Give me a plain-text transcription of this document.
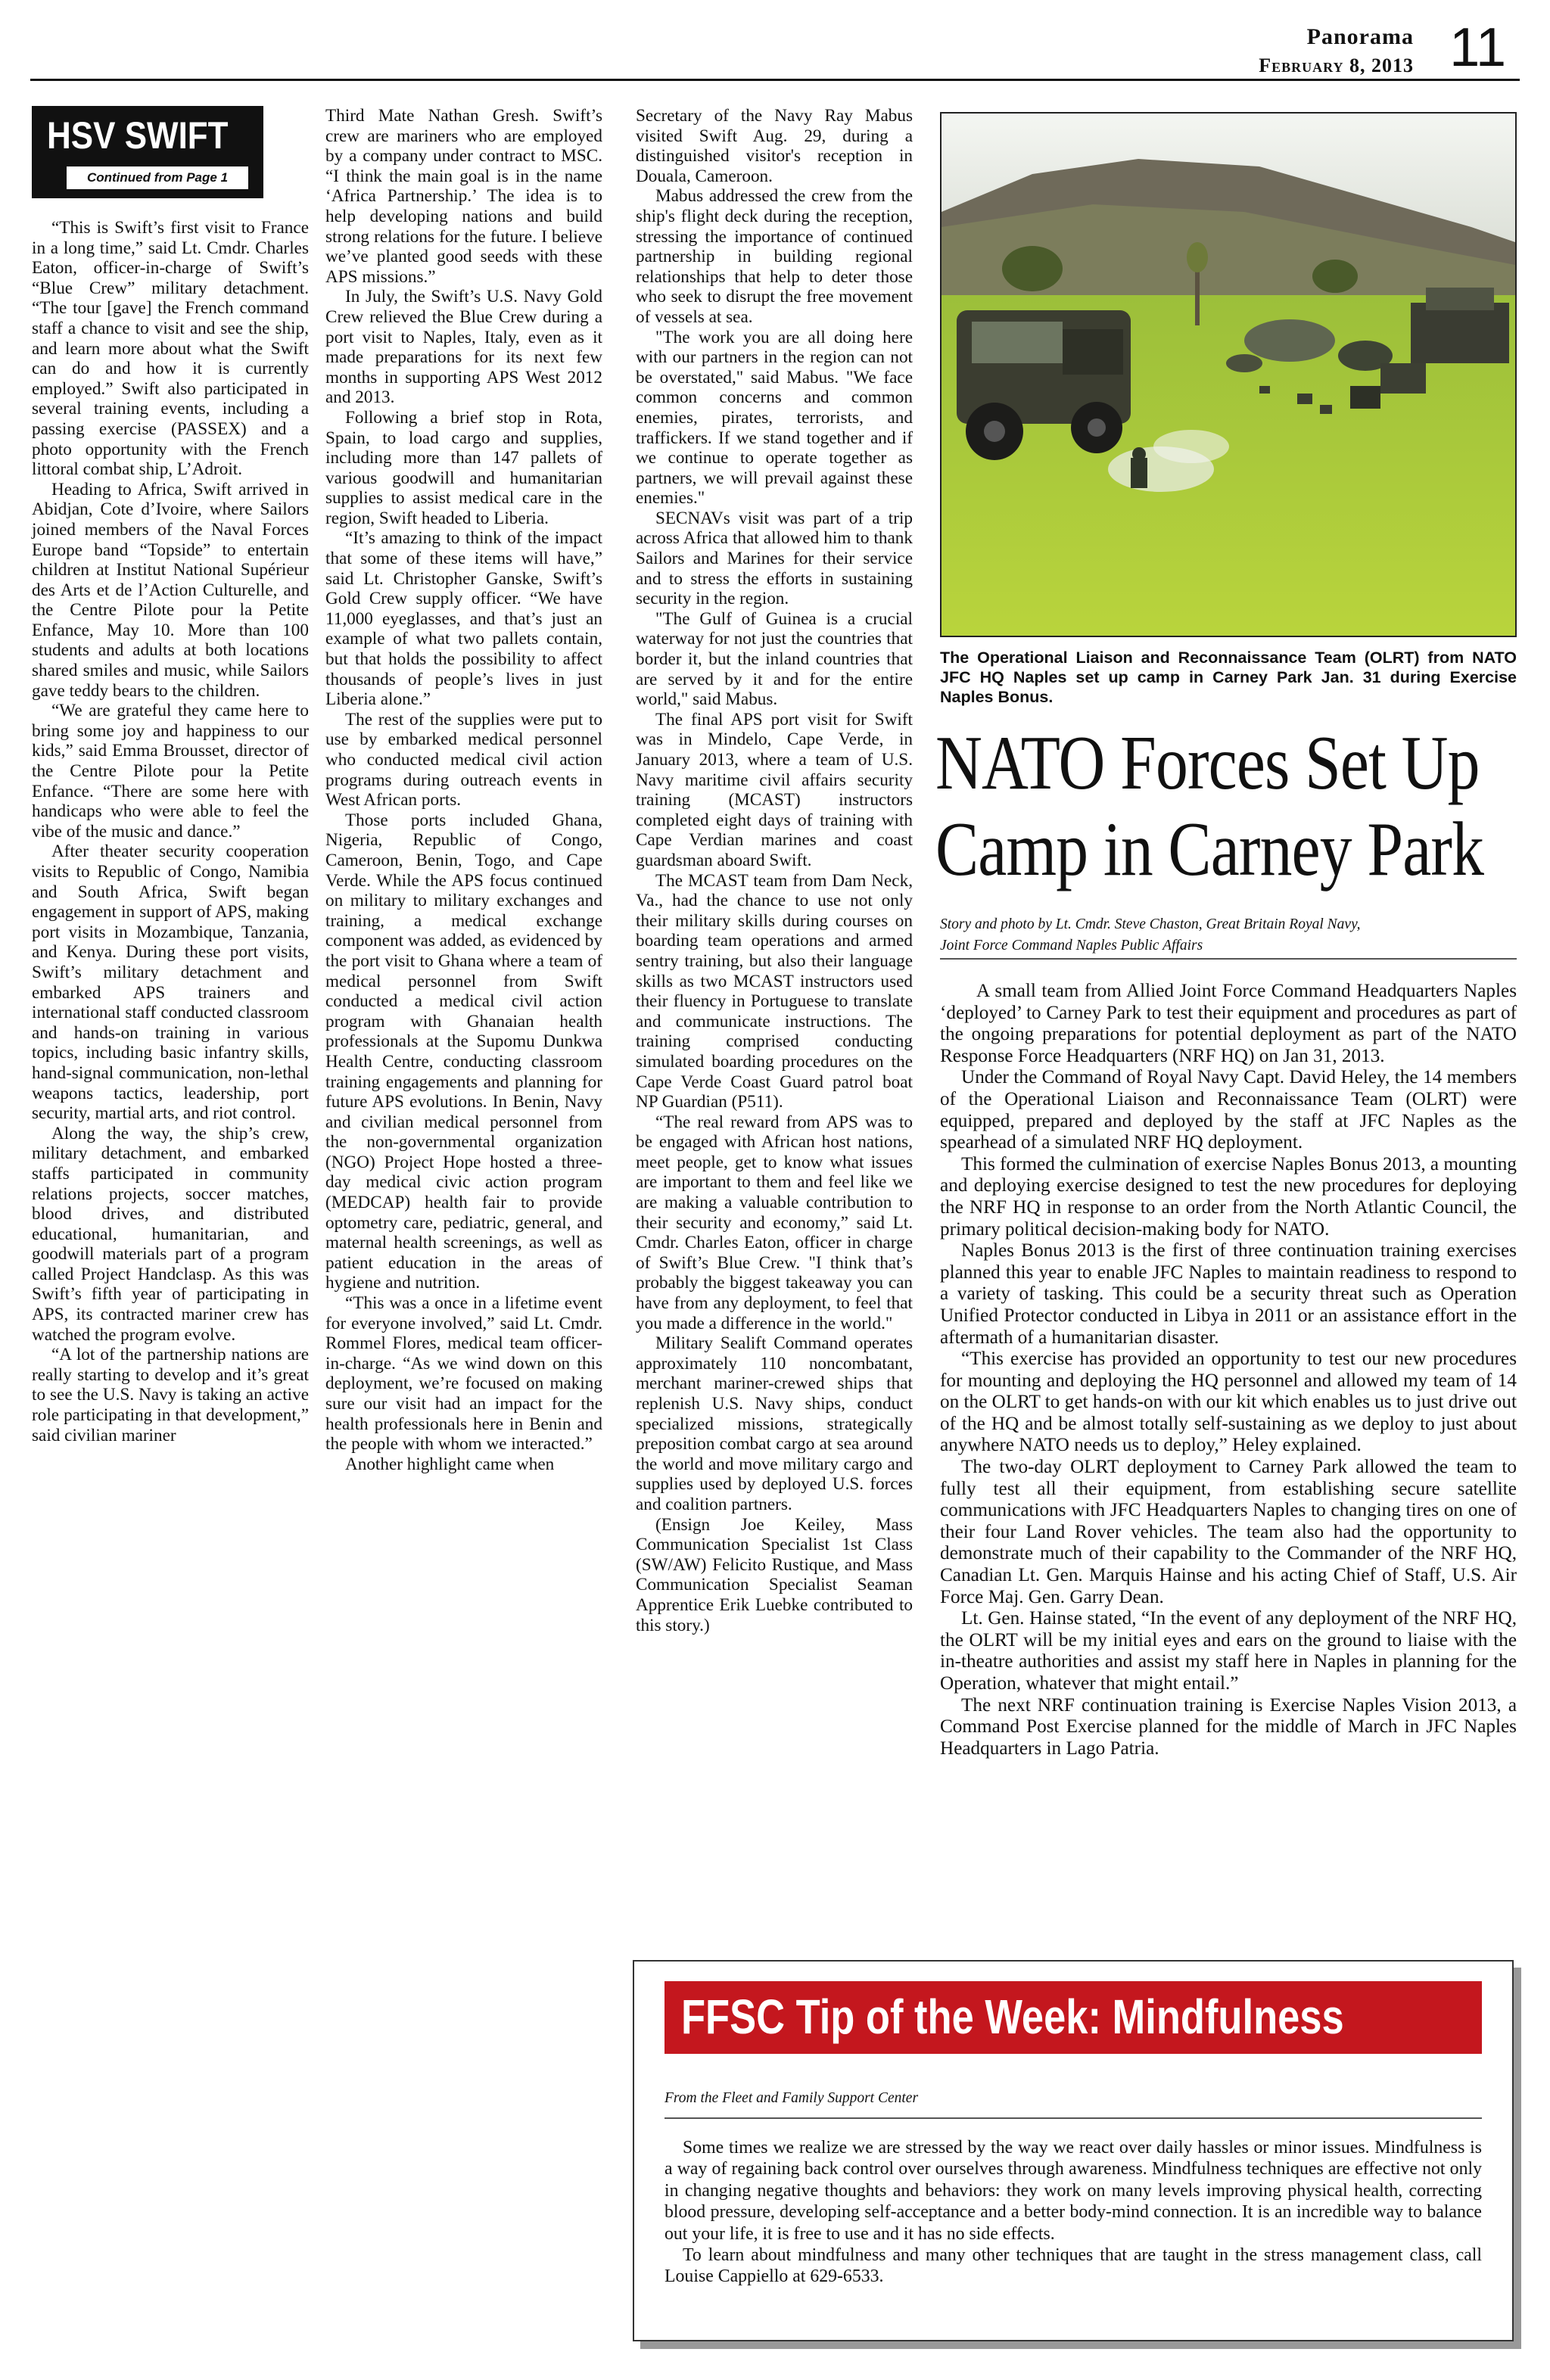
Panorama
February 8, 2013 11
HSV SWIFT
Continued from Page 1

“This is Swift’s first visit to France in a long time,” said Lt. Cmdr. Charles Eaton, officer-in-charge of Swift’s “Blue Crew” military detachment. “The tour [gave] the French command staff a chance to visit and see the ship, and learn more about what the Swift can do and how it is currently employed.” Swift also participated in several training events, including a passing exercise (PASSEX) and a photo opportunity with the French littoral combat ship, L’Adroit.

Heading to Africa, Swift arrived in Abidjan, Cote d’Ivoire, where Sailors joined members of the Naval Forces Europe band “Topside” to entertain children at Institut National Supérieur des Arts et de l’Action Culturelle, and the Centre Pilote pour la Petite Enfance, May 10. More than 100 students and adults at both locations shared smiles and music, while Sailors gave teddy bears to the children.

“We are grateful they came here to bring some joy and happiness to our kids,” said Emma Brousset, director of the Centre Pilote pour la Petite Enfance. “There are some here with handicaps who were able to feel the vibe of the music and dance.”

After theater security cooperation visits to Republic of Congo, Namibia and South Africa, Swift began engagement in support of APS, making port visits in Mozambique, Tanzania, and Kenya. During these port visits, Swift’s military detachment and embarked APS trainers and international staff conducted classroom and hands-on training in various topics, including basic infantry skills, hand-signal communication, non-lethal weapons tactics, leadership, port security, martial arts, and riot control.

Along the way, the ship’s crew, military detachment, and embarked staffs participated in community relations projects, soccer matches, blood drives, and distributed educational, humanitarian, and goodwill materials part of a program called Project Handclasp. As this was Swift’s fifth year of participating in APS, its contracted mariner crew has watched the program evolve.

“A lot of the partnership nations are really starting to develop and it’s great to see the U.S. Navy is taking an active role participating in that development,” said civilian mariner

Third Mate Nathan Gresh. Swift’s crew are mariners who are employed by a company under contract to MSC. “I think the main goal is in the name ‘Africa Partnership.’ The idea is to help developing nations and build strong relations for the future. I believe we’ve planted good seeds with these APS missions.”

In July, the Swift’s U.S. Navy Gold Crew relieved the Blue Crew during a port visit to Naples, Italy, even as it made preparations for its next few months in supporting APS West 2012 and 2013.

Following a brief stop in Rota, Spain, to load cargo and supplies, including more than 147 pallets of various goodwill and humanitarian supplies to assist medical care in the region, Swift headed to Liberia.

“It’s amazing to think of the impact that some of these items will have,” said Lt. Christopher Ganske, Swift’s Gold Crew supply officer. “We have 11,000 eyeglasses, and that’s just an example of what two pallets contain, but that holds the possibility to affect thousands of people’s lives in just Liberia alone.”

The rest of the supplies were put to use by embarked medical personnel who conducted medical civil action programs during outreach events in West African ports.

Those ports included Ghana, Nigeria, Republic of Congo, Cameroon, Benin, Togo, and Cape Verde. While the APS focus continued on military to military exchanges and training, a medical exchange component was added, as evidenced by the port visit to Ghana where a team of medical personnel from Swift conducted a medical civil action program with Ghanaian health professionals at the Supomu Dunkwa Health Centre, conducting classroom training engagements and planning for future APS evolutions. In Benin, Navy and civilian medical personnel from the non-governmental organization (NGO) Project Hope hosted a three-day medical civic action program (MEDCAP) health fair to provide optometry care, pediatric, general, and maternal health screenings, as well as patient education in the areas of hygiene and nutrition.

“This was a once in a lifetime event for everyone involved,” said Lt. Cmdr. Rommel Flores, medical team officer-in-charge. “As we wind down on this deployment, we’re focused on making sure our visit had an impact for the health professionals here in Benin and the people with whom we interacted.”

Another highlight came when

Secretary of the Navy Ray Mabus visited Swift Aug. 29, during a distinguished visitor's reception in Douala, Cameroon.

Mabus addressed the crew from the ship's flight deck during the reception, stressing the importance of continued partnership in building regional relationships that help to deter those who seek to disrupt the free movement of vessels at sea.

"The work you are all doing here with our partners in the region can not be overstated," said Mabus. "We face common concerns and common enemies, pirates, terrorists, and traffickers. If we stand together and if we continue to operate together as partners, we will prevail against these enemies."

SECNAVs visit was part of a trip across Africa that allowed him to thank Sailors and Marines for their service and to stress the efforts in sustaining security in the region.

"The Gulf of Guinea is a crucial waterway for not just the countries that border it, but the inland countries that are served by it and for the entire world," said Mabus.

The final APS port visit for Swift was in Mindelo, Cape Verde, in January 2013, where a team of U.S. Navy maritime civil affairs security training (MCAST) instructors completed eight days of training with Cape Verdian marines and coast guardsman aboard Swift.

The MCAST team from Dam Neck, Va., had the chance to use not only their military skills during courses on boarding team operations and armed sentry training, but also their language skills as two MCAST instructors used their fluency in Portuguese to translate and communicate instructions. The training comprised conducting simulated boarding procedures on the Cape Verde Coast Guard patrol boat NP Guardian (P511).

“The real reward from APS was to be engaged with African host nations, meet people, get to know what issues are important to them and feel like we are making a valuable contribution to their security and economy,” said Lt. Cmdr. Charles Eaton, officer in charge of Swift’s Blue Crew. "I think that’s probably the biggest takeaway you can have from any deployment, to feel that you made a difference in the world."

Military Sealift Command operates approximately 110 noncombatant, merchant mariner-crewed ships that replenish U.S. Navy ships, conduct specialized missions, strategically preposition combat cargo at sea around the world and move military cargo and supplies used by deployed U.S. forces and coalition partners.

(Ensign Joe Keiley, Mass Communication Specialist 1st Class (SW/AW) Felicito Rustique, and Mass Communication Specialist Seaman Apprentice Erik Luebke contributed to this story.)

The Operational Liaison and Reconnaissance Team (OLRT) from NATO JFC HQ Naples set up camp in Carney Park Jan. 31 during Exercise Naples Bonus.
NATO Forces Set Up
Camp in Carney Park
Story and photo by Lt. Cmdr. Steve Chaston, Great Britain Royal Navy,
Joint Force Command Naples Public Affairs

A small team from Allied Joint Force Command Headquarters Naples ‘deployed’ to Carney Park to test their equipment and procedures as part of the ongoing preparations for potential deployment as part of the NATO Response Force Headquarters (NRF HQ) on Jan 31, 2013.

Under the Command of Royal Navy Capt. David Heley, the 14 members of the Operational Liaison and Reconnaissance Team (OLRT) were equipped, prepared and deployed by the staff at JFC Naples as the spearhead of a simulated NRF HQ deployment.

This formed the culmination of exercise Naples Bonus 2013, a mounting and deploying exercise designed to test the new procedures for deploying the NRF HQ in response to an order from the North Atlantic Council, the primary political decision-making body for NATO.

Naples Bonus 2013 is the first of three continuation training exercises planned this year to enable JFC Naples to maintain readiness to respond to a variety of tasking. This could be a security threat such as Operation Unified Protector conducted in Libya in 2011 or an assistance effort in the aftermath of a humanitarian disaster.

“This exercise has provided an opportunity to test our new procedures for mounting and deploying the HQ personnel and allowed my team of 14 on the OLRT to get hands-on with our kit which enables us to just drive out of the HQ and be almost totally self-sustaining as we deploy to just about anywhere NATO needs us to deploy,” Heley explained.

The two-day OLRT deployment to Carney Park allowed the team to fully test all their equipment, from establishing secure satellite communications with JFC Headquarters Naples to changing tires on one of their four Land Rover vehicles. The team also had the opportunity to demonstrate much of their capability to the Commander of the NRF HQ, Canadian Lt. Gen. Marquis Hainse and his acting Chief of Staff, U.S. Air Force Maj. Gen. Garry Dean.

Lt. Gen. Hainse stated, “In the event of any deployment of the NRF HQ, the OLRT will be my initial eyes and ears on the ground to liaise with the in-theatre authorities and assist my staff here in Naples in planning for the Operation, whatever that might entail.”

The next NRF continuation training is Exercise Naples Vision 2013, a Command Post Exercise planned for the middle of March in JFC Naples Headquarters in Lago Patria.

FFSC Tip of the Week: Mindfulness
From the Fleet and Family Support Center

Some times we realize we are stressed by the way we react over daily hassles or minor issues. Mindfulness is a way of regaining back control over ourselves through awareness. Mindfulness techniques are effective not only in changing negative thoughts and behaviors: they work on many levels improving physical health, correcting blood pressure, developing self-acceptance and a better body-mind connection. It is an incredible way to balance out your life, it is free to use and it has no side effects.

To learn about mindfulness and many other techniques that are taught in the stress management class, call Louise Cappiello at 629-6533.
